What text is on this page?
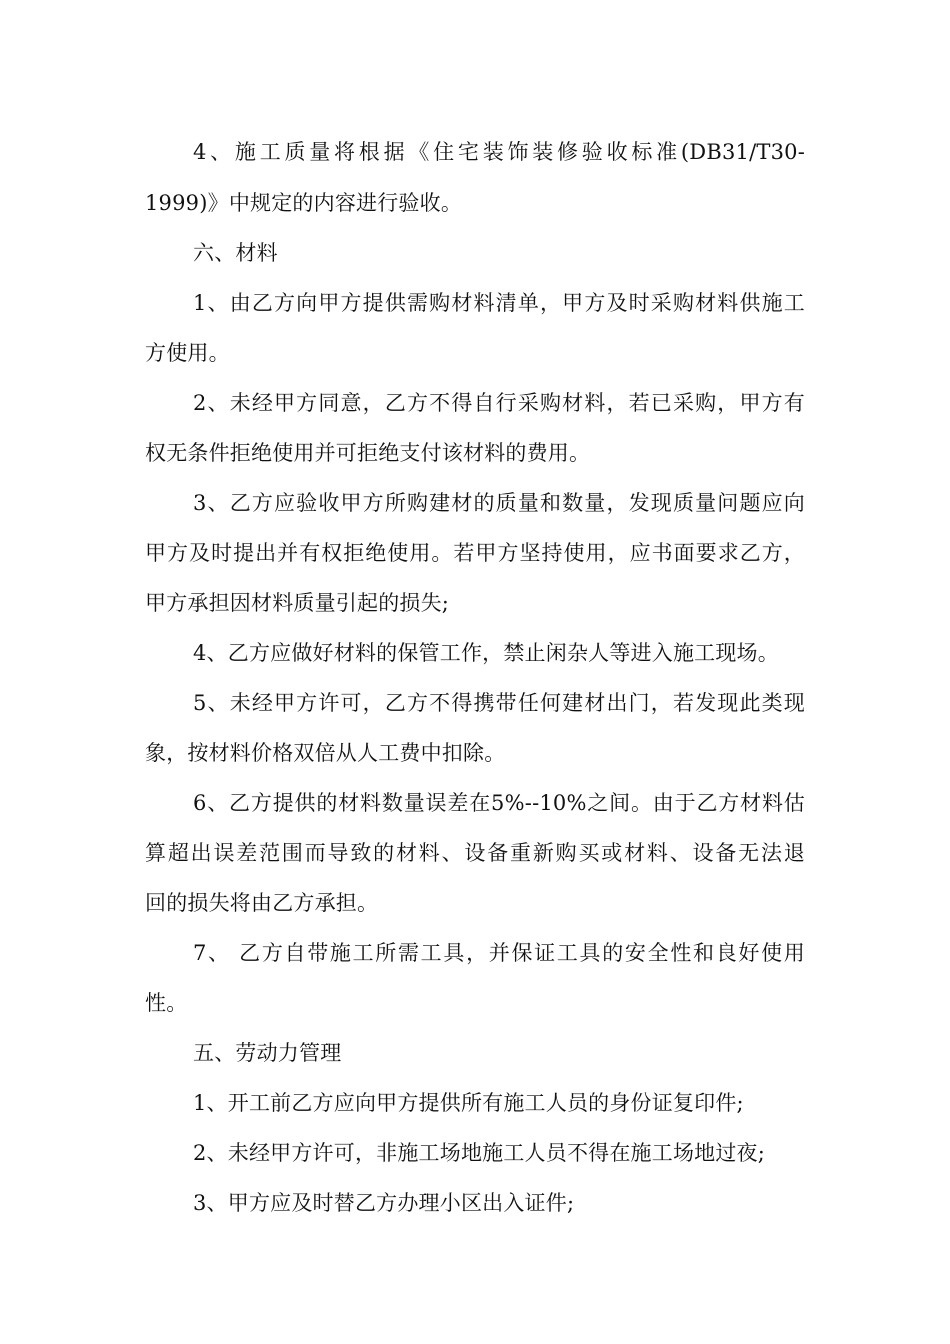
4、施工质量将根据《住宅装饰装修验收标准(DB31/T30-
1999)》中规定的内容进行验收。
六、材料
1、由乙方向甲方提供需购材料清单，甲方及时采购材料供施工
方使用。
2、未经甲方同意，乙方不得自行采购材料，若已采购，甲方有
权无条件拒绝使用并可拒绝支付该材料的费用。
3、乙方应验收甲方所购建材的质量和数量，发现质量问题应向
甲方及时提出并有权拒绝使用。若甲方坚持使用，应书面要求乙方，
甲方承担因材料质量引起的损失;
4、乙方应做好材料的保管工作，禁止闲杂人等进入施工现场。
5、未经甲方许可，乙方不得携带任何建材出门，若发现此类现
象，按材料价格双倍从人工费中扣除。
6、乙方提供的材料数量误差在5%--10%之间。由于乙方材料估
算超出误差范围而导致的材料、设备重新购买或材料、设备无法退
回的损失将由乙方承担。
7、 乙方自带施工所需工具，并保证工具的安全性和良好使用
性。
五、劳动力管理
1、开工前乙方应向甲方提供所有施工人员的身份证复印件;
2、未经甲方许可，非施工场地施工人员不得在施工场地过夜;
3、甲方应及时替乙方办理小区出入证件;
